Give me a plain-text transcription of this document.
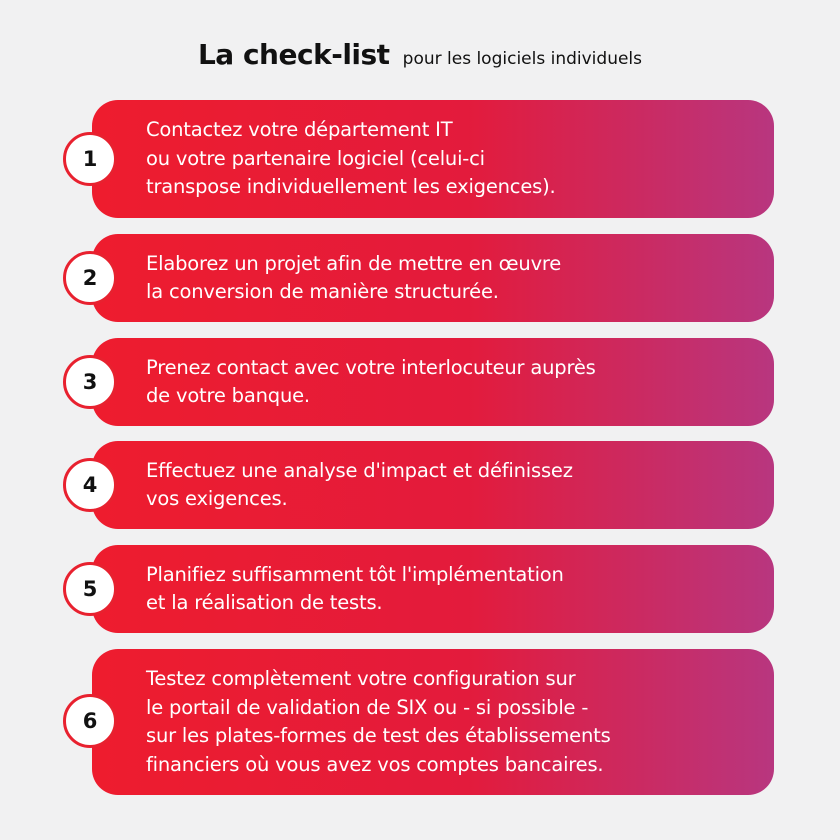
La check-list pour les logiciels individuels
Contactez votre département IT
ou votre partenaire logiciel (celui-ci
transpose individuellement les exigences).
1
Elaborez un projet afin de mettre en œuvre
la conversion de manière structurée.
2
Prenez contact avec votre interlocuteur auprès
de votre banque.
3
Effectuez une analyse d'impact et définissez
vos exigences.
4
Planifiez suffisamment tôt l'implémentation
et la réalisation de tests.
5
Testez complètement votre configuration sur
le portail de validation de SIX ou - si possible -
sur les plates-formes de test des établissements
financiers où vous avez vos comptes bancaires.
6
